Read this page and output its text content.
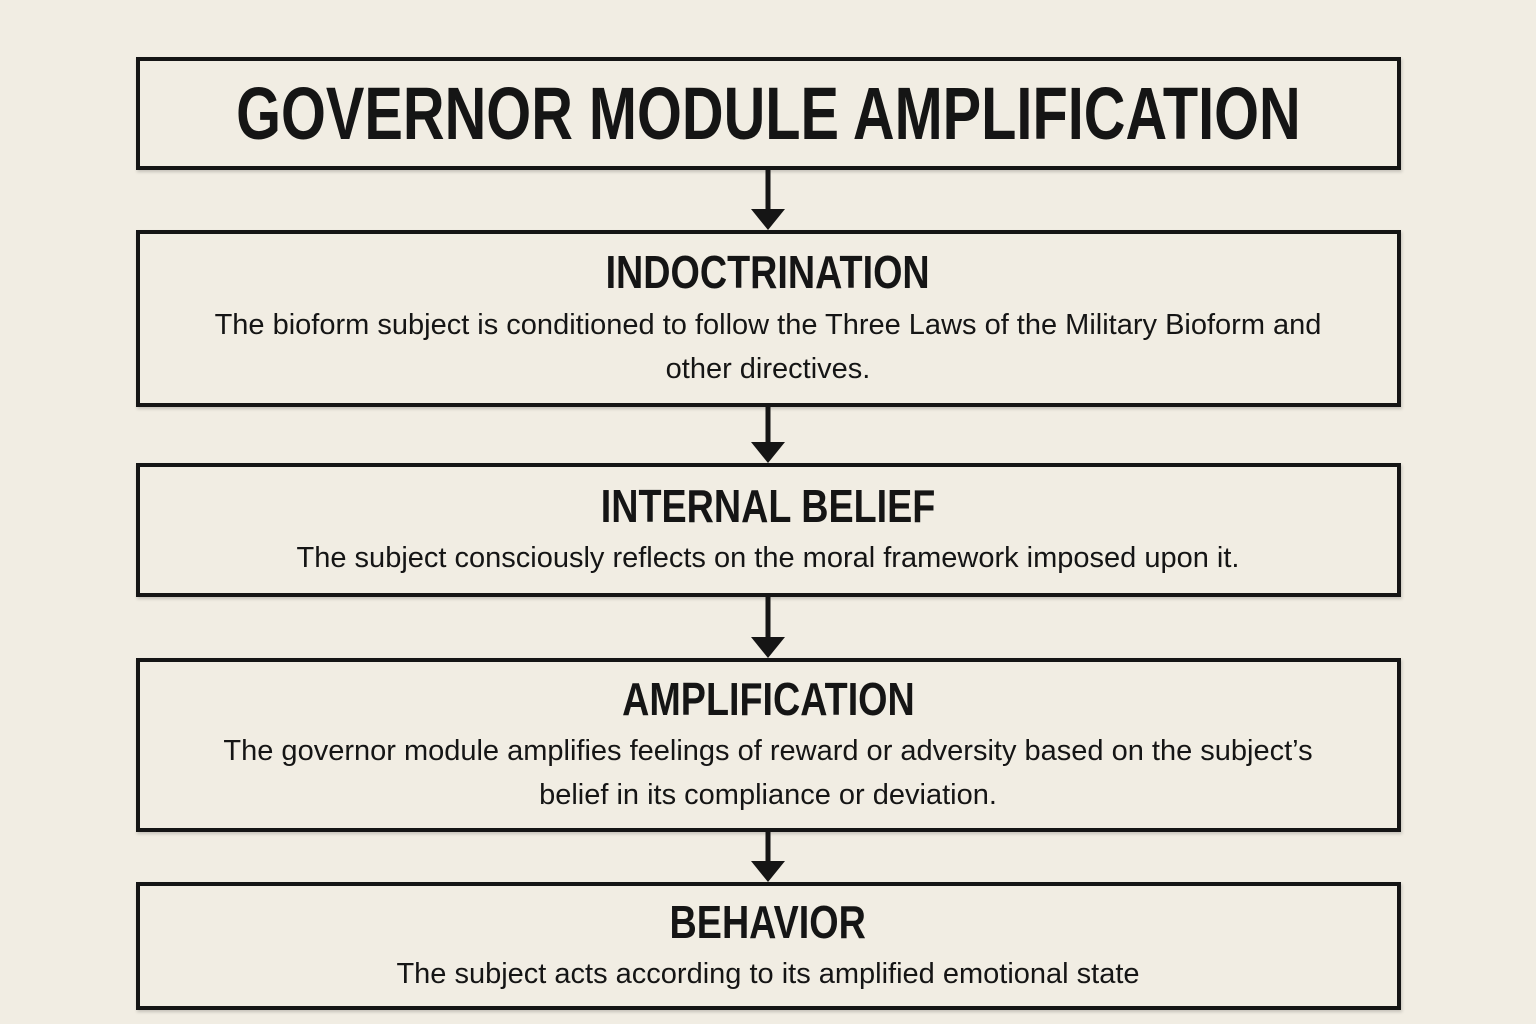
GOVERNOR MODULE AMPLIFICATION
INDOCTRINATION

The bioform subject is conditioned to follow the Three Laws of the Military Bioform and other directives.

INTERNAL BELIEF

The subject consciously reflects on the moral framework imposed upon it.

AMPLIFICATION

The governor module amplifies feelings of reward or adversity based on the subject’s belief in its compliance or deviation.

BEHAVIOR

The subject acts according to its amplified emotional state
